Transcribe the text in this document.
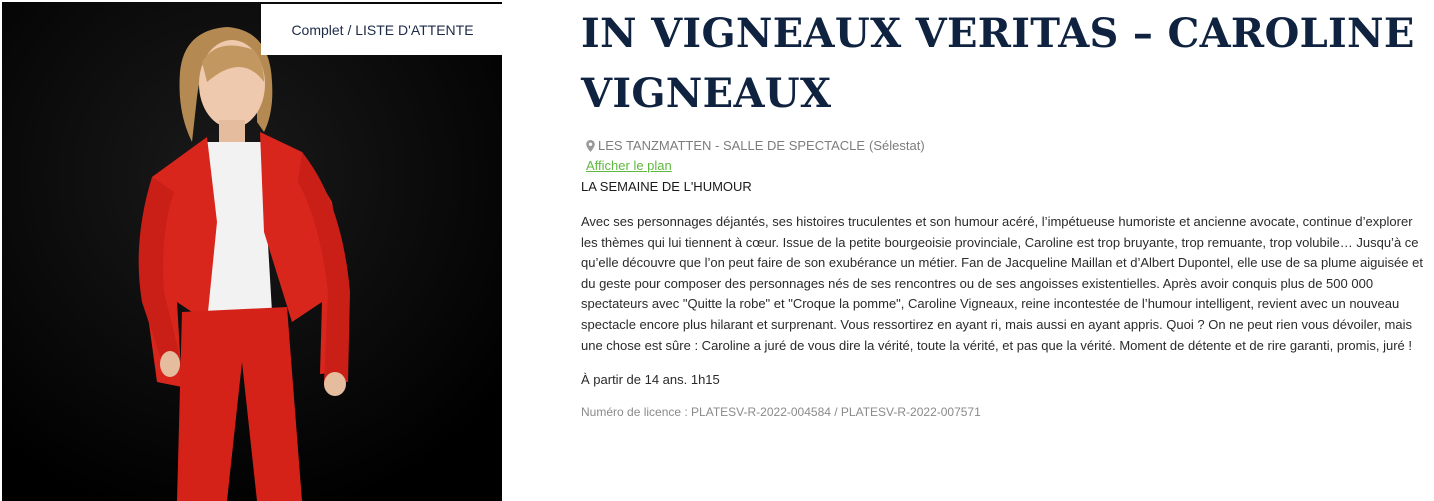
Complet / LISTE D'ATTENTE	IN VIGNEAUX VERITAS – CAROLINE VIGNEAUX
LES TANZMATTEN - SALLE DE SPECTACLE (Sélestat)
Afficher le plan
LA SEMAINE DE L'HUMOUR
Avec ses personnages déjantés, ses histoires truculentes et son humour acéré, l’impétueuse humoriste et ancienne avocate, continue d’explorer les thèmes qui lui tiennent à cœur. Issue de la petite bourgeoisie provinciale, Caroline est trop bruyante, trop remuante, trop volubile… Jusqu’à ce qu’elle découvre que l’on peut faire de son exubérance un métier. Fan de Jacqueline Maillan et d’Albert Dupontel, elle use de sa plume aiguisée et du geste pour composer des personnages nés de ses rencontres ou de ses angoisses existentielles. Après avoir conquis plus de 500 000 spectateurs avec "Quitte la robe" et "Croque la pomme", Caroline Vigneaux, reine incontestée de l’humour intelligent, revient avec un nouveau spectacle encore plus hilarant et surprenant. Vous ressortirez en ayant ri, mais aussi en ayant appris. Quoi ? On ne peut rien vous dévoiler, mais une chose est sûre : Caroline a juré de vous dire la vérité, toute la vérité, et pas que la vérité. Moment de détente et de rire garanti, promis, juré !
À partir de 14 ans. 1h15
Numéro de licence : PLATESV-R-2022-004584 / PLATESV-R-2022-007571
